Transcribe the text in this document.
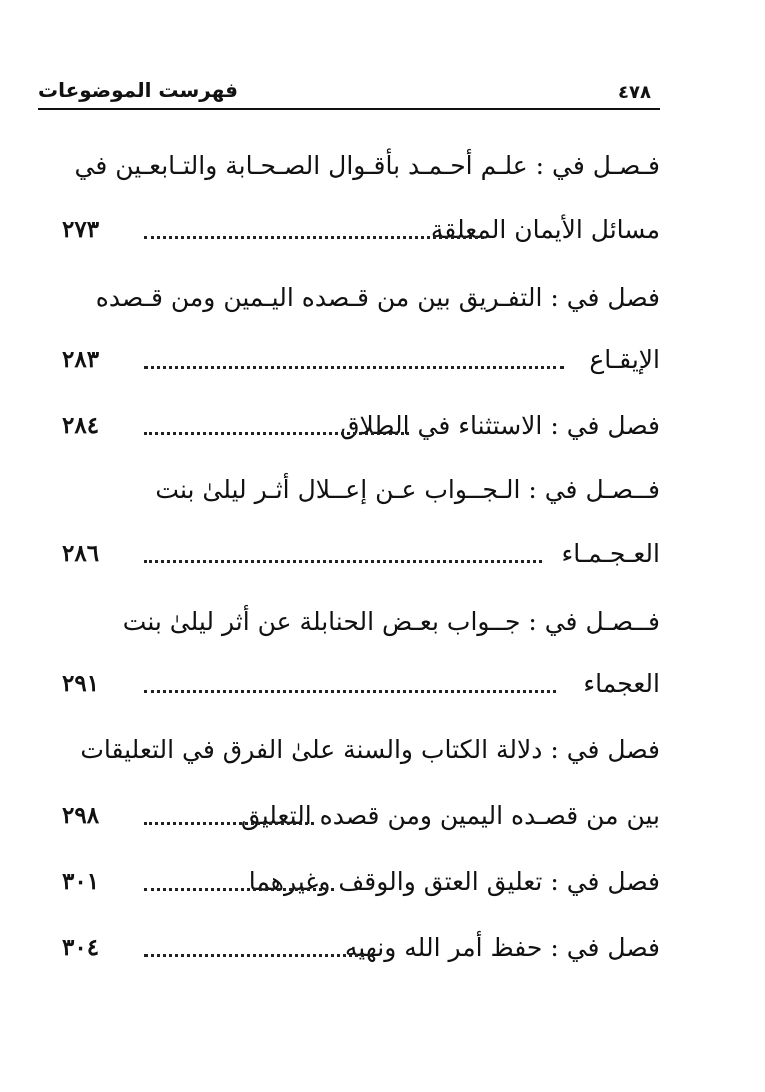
٤٧٨
فهرست الموضوعات
فـصـل في : علـم أحـمـد بأقـوال الصـحـابة والتـابعـين في
مسائل الأيمان المعلقة
٢٧٣
فصل في : التفـريق بين من قـصده اليـمين ومن قـصده
الإيقـاع
٢٨٣
فصل في : الاستثناء في الطلاق
٢٨٤
فــصـل في : الـجــواب عـن إعــلال أثـر ليلىٰ بنت
العـجـمـاء
٢٨٦
فــصـل في : جــواب بعـض الحنابلة عن أثر ليلىٰ بنت
العجماء
٢٩١
فصل في : دلالة الكتاب والسنة علىٰ الفرق في التعليقات
بين من قصـده اليمين ومن قصده التعليق
٢٩٨
فصل في : تعليق العتق والوقف وغيرهما
٣٠١
فصل في : حفظ أمر الله ونهيه
٣٠٤
